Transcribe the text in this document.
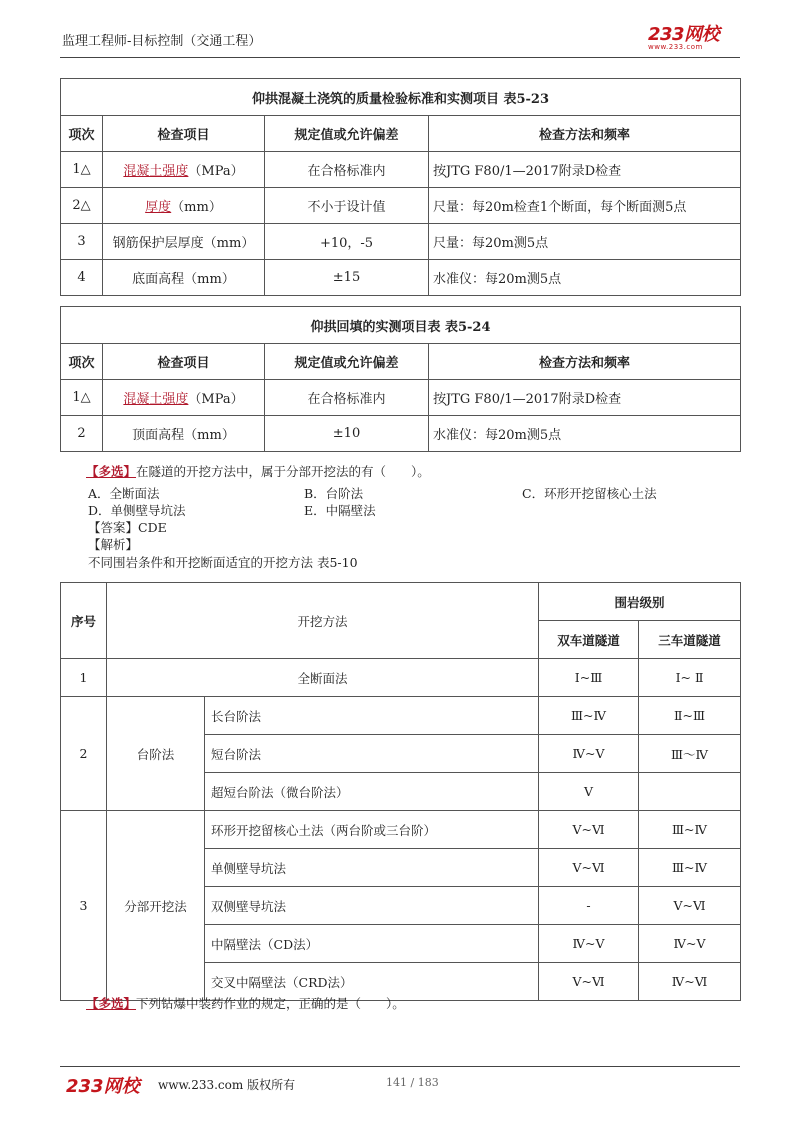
监理工程师-目标控制（交通工程）	233网校
www.233.com
仰拱混凝土浇筑的质量检验标准和实测项目 表5-23			
项次	检查项目	规定值或允许偏差	检查方法和频率
1△	混凝土强度（MPa）	在合格标准内	按JTG F80/1—2017附录D检查
2△	厚度（mm）	不小于设计值	尺量：每20m检查1个断面，每个断面测5点
3	钢筋保护层厚度（mm）	+10，-5	尺量：每20m测5点
4	底面高程（mm）	±15	水准仪：每20m测5点
仰拱回填的实测项目表 表5-24			
项次	检查项目	规定值或允许偏差	检查方法和频率
1△	混凝土强度（MPa）	在合格标准内	按JTG F80/1—2017附录D检查
2	顶面高程（mm）	±10	水准仪：每20m测5点
【多选】在隧道的开挖方法中，属于分部开挖法的有（　　）。
A．全断面法	B．台阶法	C．环形开挖留核心土法
D．单侧壁导坑法	E．中隔壁法
【答案】CDE
【解析】
不同围岩条件和开挖断面适宜的开挖方法 表5-10
序号	开挖方法		围岩级别	
			双车道隧道	三车道隧道
1	全断面法		Ⅰ~Ⅲ	Ⅰ~ Ⅱ
2	台阶法	长台阶法	Ⅲ~Ⅳ	Ⅱ~Ⅲ
		短台阶法	Ⅳ~Ⅴ	Ⅲ～Ⅳ
		超短台阶法（微台阶法）	Ⅴ	
3	分部开挖法	环形开挖留核心土法（两台阶或三台阶）	Ⅴ~Ⅵ	Ⅲ~Ⅳ
		单侧壁导坑法	Ⅴ~Ⅵ	Ⅲ~Ⅳ
		双侧壁导坑法	-	Ⅴ~Ⅵ
		中隔壁法（CD法）	Ⅳ~Ⅴ	Ⅳ~Ⅴ
		交叉中隔壁法（CRD法）	Ⅴ~Ⅵ	Ⅳ~Ⅵ
【多选】下列钻爆中装药作业的规定，正确的是（　　）。
233网校 www.233.com 版权所有	141 / 183
